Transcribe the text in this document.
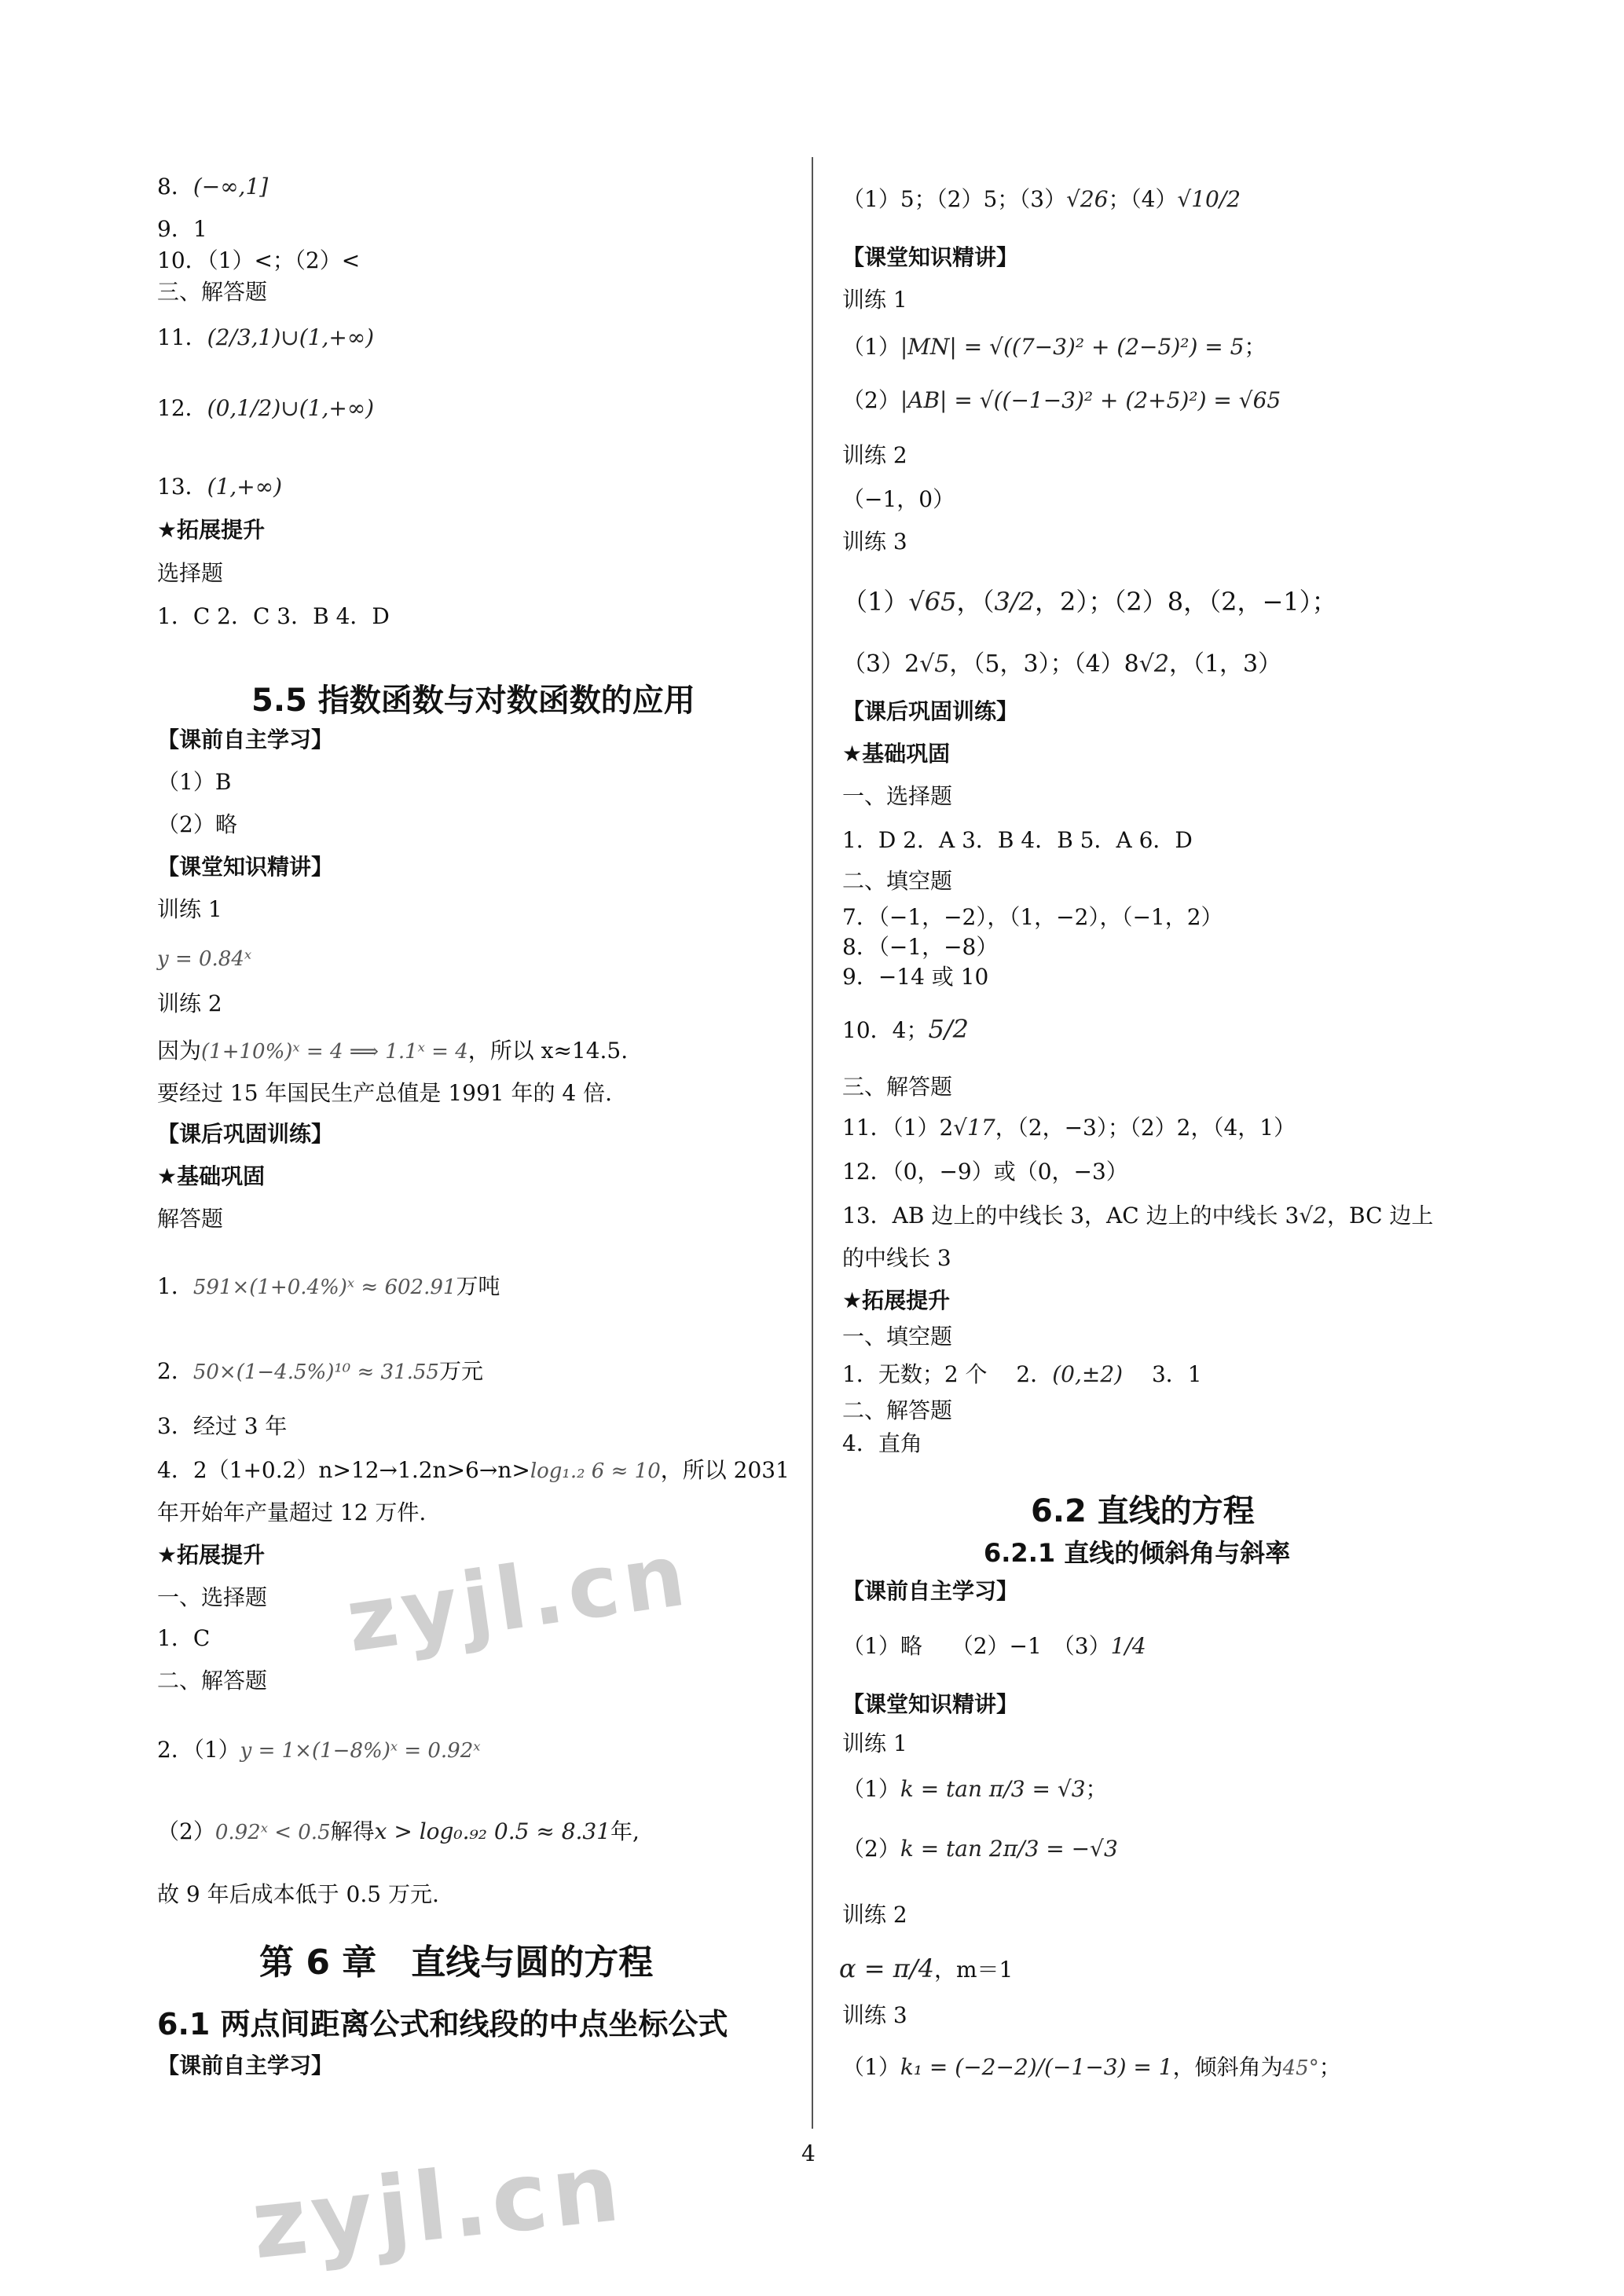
8．(−∞,1]
9．1
10．（1）<；（2）<
三、解答题
11．(2/3,1)∪(1,+∞)
12．(0,1/2)∪(1,+∞)
13．(1,+∞)
★拓展提升
选择题
1．C 2．C 3．B 4．D
5.5 指数函数与对数函数的应用
【课前自主学习】
（1）B
（2）略
【课堂知识精讲】
训练 1
y = 0.84ˣ
训练 2
因为(1+10%)ˣ = 4 ⟹ 1.1ˣ = 4，所以 x≈14.5.
要经过 15 年国民生产总值是 1991 年的 4 倍.
【课后巩固训练】
★基础巩固
解答题
1．591×(1+0.4%)ˣ ≈ 602.91万吨
2．50×(1−4.5%)¹⁰ ≈ 31.55万元
3．经过 3 年
4．2（1+0.2）n>12→1.2n>6→n>log₁.₂ 6 ≈ 10，所以 2031
年开始年产量超过 12 万件.
★拓展提升
一、选择题
1．C
二、解答题
2．（1）y = 1×(1−8%)ˣ = 0.92ˣ
（2）0.92ˣ < 0.5解得x > log₀.₉₂ 0.5 ≈ 8.31年,
故 9 年后成本低于 0.5 万元.
第 6 章　直线与圆的方程
6.1 两点间距离公式和线段的中点坐标公式
【课前自主学习】
（1）5；（2）5；（3）√26；（4）√10/2
【课堂知识精讲】
训练 1
（1）|MN| = √((7−3)² + (2−5)²) = 5；
（2）|AB| = √((−1−3)² + (2+5)²) = √65
训练 2
（−1，0）
训练 3
（1）√65，（3/2，2）；（2）8，（2，−1）；
（3）2√5，（5，3）；（4）8√2，（1，3）
【课后巩固训练】
★基础巩固
一、选择题
1．D 2．A 3．B 4．B 5．A 6．D
二、填空题
7．（−1，−2），（1，−2），（−1，2）
8．（−1，−8）
9．−14 或 10
10．4；5/2
三、解答题
11．（1）2√17，（2，−3）；（2）2，（4，1）
12．（0，−9）或（0，−3）
13．AB 边上的中线长 3，AC 边上的中线长 3√2，BC 边上
的中线长 3
★拓展提升
一、填空题
1．无数；2 个　 2．(0,±2)　 3．1
二、解答题
4．直角
6.2 直线的方程
6.2.1 直线的倾斜角与斜率
【课前自主学习】
（1）略　 （2）−1　（3）1/4
【课堂知识精讲】
训练 1
（1）k = tan π/3 = √3；
（2）k = tan 2π/3 = −√3
训练 2
α = π/4，m＝1
训练 3
（1）k₁ = (−2−2)/(−1−3) = 1，倾斜角为45°；
4
zyjl.cn
zyjl.cn
